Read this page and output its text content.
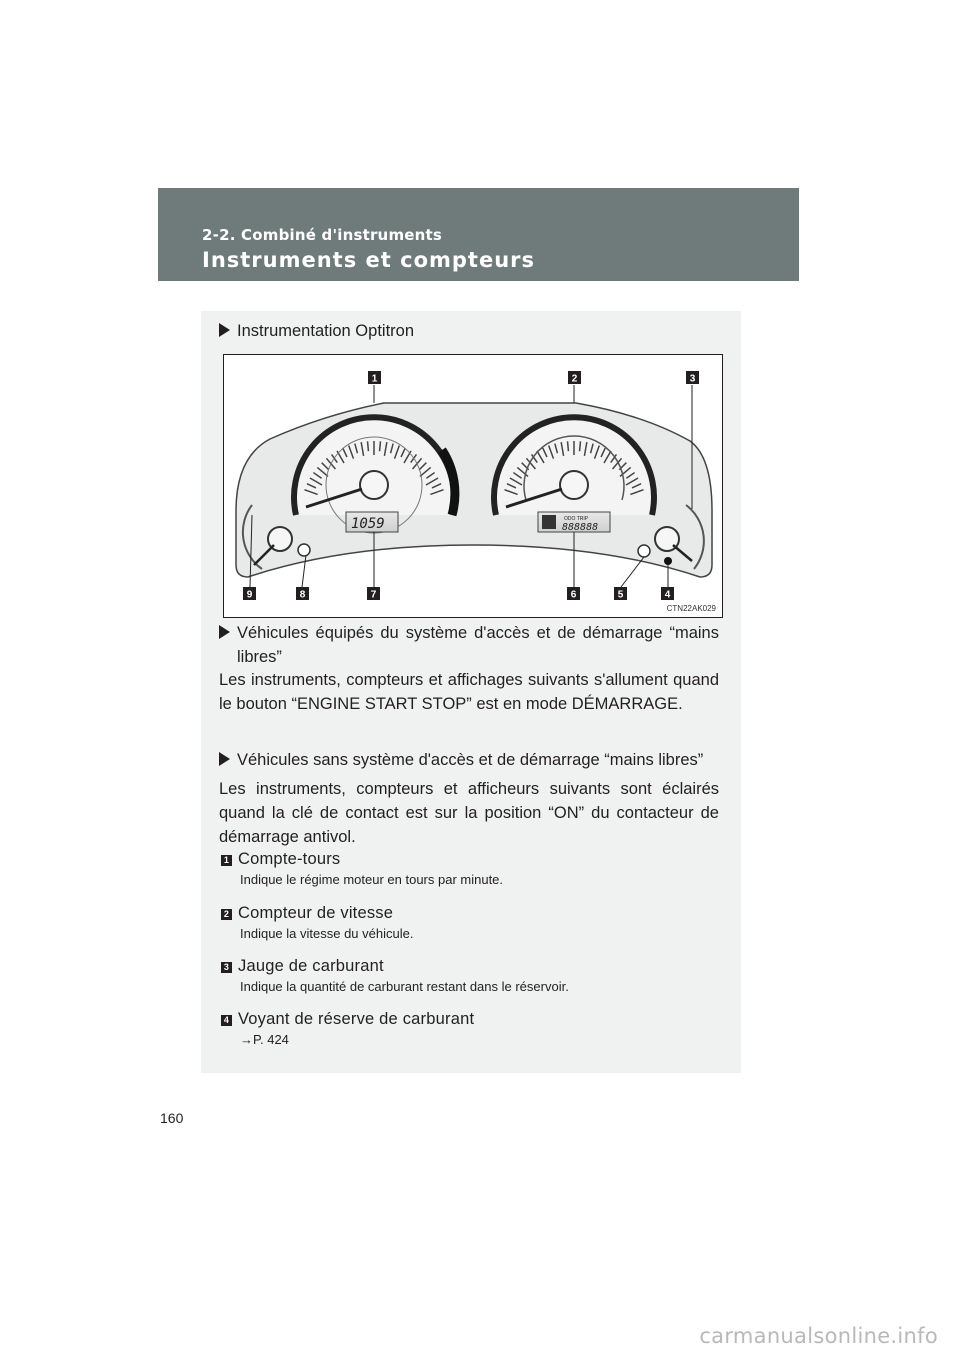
2-2. Combiné d'instruments
Instruments et compteurs
Instrumentation Optitron
1059	ODO TRIP
888888
1	2	3
4
5
6
7
8
9
CTN22AK029
Véhicules équipés du système d'accès et de démarrage “mains libres”
Les instruments, compteurs et affichages suivants s'allument quand le bouton “ENGINE START STOP” est en mode DÉMARRAGE.
Véhicules sans système d'accès et de démarrage “mains libres”
Les instruments, compteurs et afficheurs suivants sont éclairés quand la clé de contact est sur la position “ON” du contacteur de démarrage antivol.
1 Compte-tours
Indique le régime moteur en tours par minute.
2 Compteur de vitesse
Indique la vitesse du véhicule.
3 Jauge de carburant
Indique la quantité de carburant restant dans le réservoir.
4 Voyant de réserve de carburant
→P. 424
160
carmanualsonline.info
